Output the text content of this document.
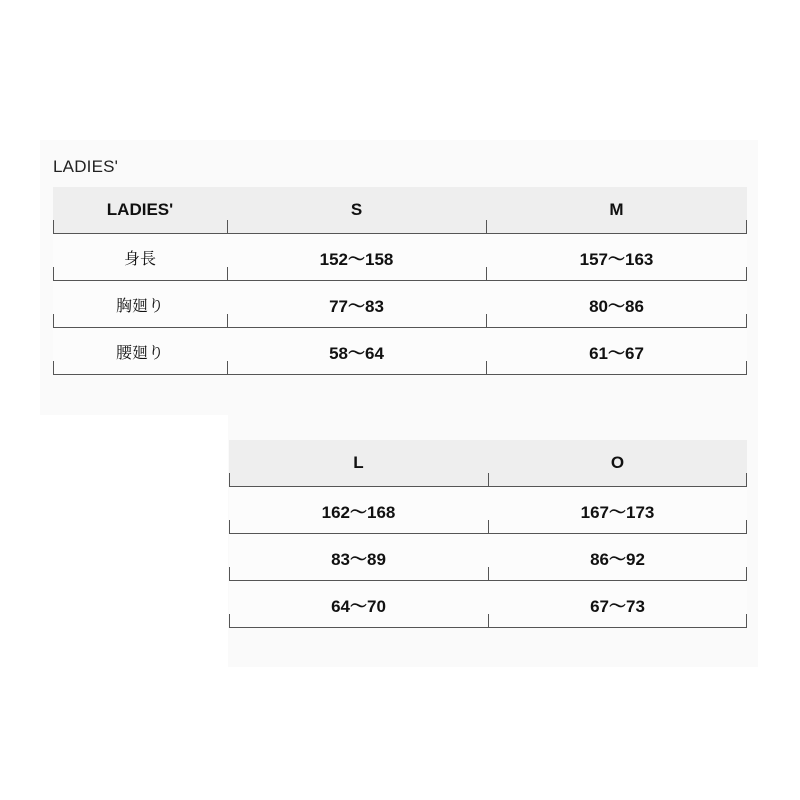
LADIES'
LADIES'	S	M
身長	152～158	157～163
胸廻り	77～83	80～86
腰廻り	58～64	61～67
L	O
162～168	167～173
83～89	86～92
64～70	67～73
